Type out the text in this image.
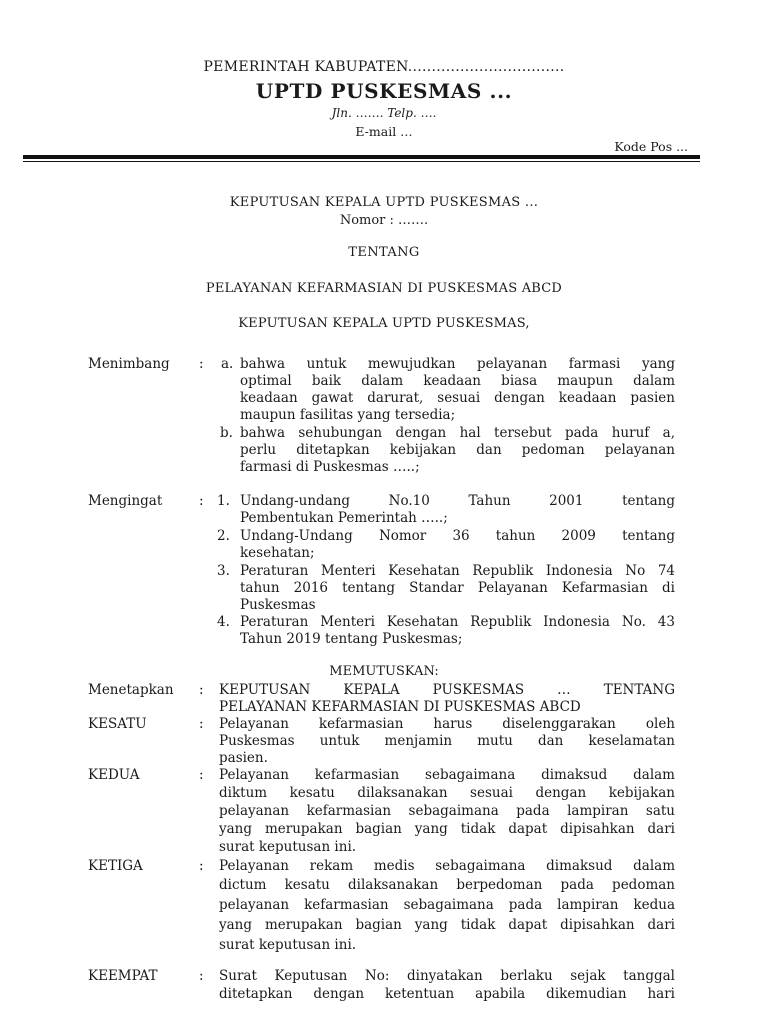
PEMERINTAH KABUPATEN.................................
UPTD PUSKESMAS ...
Jln. ……. Telp. ….
E-mail …
Kode Pos ...
KEPUTUSAN KEPALA UPTD PUSKESMAS ...
Nomor : …….
TENTANG
PELAYANAN KEFARMASIAN DI PUSKESMAS ABCD
KEPUTUSAN KEPALA UPTD PUSKESMAS,
Menimbang : a. bahwa untuk mewujudkan pelayanan farmasi yang
optimal baik dalam keadaan biasa maupun dalam
keadaan gawat darurat, sesuai dengan keadaan pasien
maupun fasilitas yang tersedia;
b. bahwa sehubungan dengan hal tersebut pada huruf a,
perlu ditetapkan kebijakan dan pedoman pelayanan
farmasi di Puskesmas …..;
Mengingat	: 1. Undang-undang No.10 Tahun 2001 tentang
Pembentukan Pemerintah …..;
2. Undang-Undang Nomor 36 tahun 2009 tentang
kesehatan;
3. Peraturan Menteri Kesehatan Republik Indonesia No 74
tahun 2016 tentang Standar Pelayanan Kefarmasian di
Puskesmas
4. Peraturan Menteri Kesehatan Republik Indonesia No. 43
Tahun 2019 tentang Puskesmas;
MEMUTUSKAN:
Menetapkan : KEPUTUSAN KEPALA PUSKESMAS … TENTANG
PELAYANAN KEFARMASIAN DI PUSKESMAS ABCD
KESATU	: Pelayanan kefarmasian harus diselenggarakan oleh
Puskesmas untuk menjamin mutu dan keselamatan
pasien.
KEDUA	: Pelayanan kefarmasian sebagaimana dimaksud dalam
diktum kesatu dilaksanakan sesuai dengan kebijakan
pelayanan kefarmasian sebagaimana pada lampiran satu
yang merupakan bagian yang tidak dapat dipisahkan dari
surat keputusan ini.
KETIGA	: Pelayanan rekam medis sebagaimana dimaksud dalam
dictum kesatu dilaksanakan berpedoman pada pedoman
pelayanan kefarmasian sebagaimana pada lampiran kedua
yang merupakan bagian yang tidak dapat dipisahkan dari
surat keputusan ini.
KEEMPAT	: Surat Keputusan No: dinyatakan berlaku sejak tanggal
ditetapkan dengan ketentuan apabila dikemudian hari
